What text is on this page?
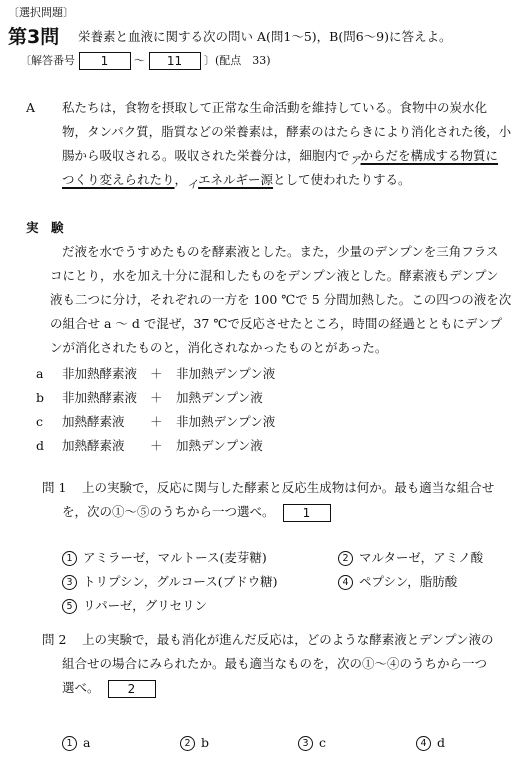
〔選択問題〕
第3問 栄養素と血液に関する次の問い A(問1～5)，B(問6～9)に答えよ。
〔解答番号 1 ～ 11 〕(配点　33)
A 私たちは，食物を摂取して正常な生命活動を維持している。食物中の炭水化
物，タンパク質，脂質などの栄養素は，酵素のはたらきにより消化された後，小
腸から吸収される。吸収された栄養分は，細胞内でアからだを構成する物質に
つくり変えられたり，イエネルギー源として使われたりする。
実　験
だ液を水でうすめたものを酵素液とした。また，少量のデンプンを三角フラス
コにとり，水を加え十分に混和したものをデンプン液とした。酵素液もデンプン
液も二つに分け，それぞれの一方を 100 ℃で 5 分間加熱した。この四つの液を次
の組合せ a ～ d で混ぜ，37 ℃で反応させたところ，時間の経過とともにデンプ
ンが消化されたものと，消化されなかったものとがあった。
a 非加熱酵素液 ＋ 非加熱デンプン液
b 非加熱酵素液 ＋ 加熱デンプン液
c 加熱酵素液 ＋ 非加熱デンプン液
d 加熱酵素液 ＋ 加熱デンプン液
問 1 上の実験で，反応に関与した酵素と反応生成物は何か。最も適当な組合せ
を，次の①～⑤のうちから一つ選べ。 1
1 アミラーゼ，マルトース(麦芽糖)	2 マルターゼ，アミノ酸
3 トリプシン，グルコース(ブドウ糖)	4 ペプシン，脂肪酸
5 リパーゼ，グリセリン
問 2 上の実験で，最も消化が進んだ反応は，どのような酵素液とデンプン液の
組合せの場合にみられたか。最も適当なものを，次の①～④のうちから一つ
選べ。 2
1 a	2 b	3 c	4 d
